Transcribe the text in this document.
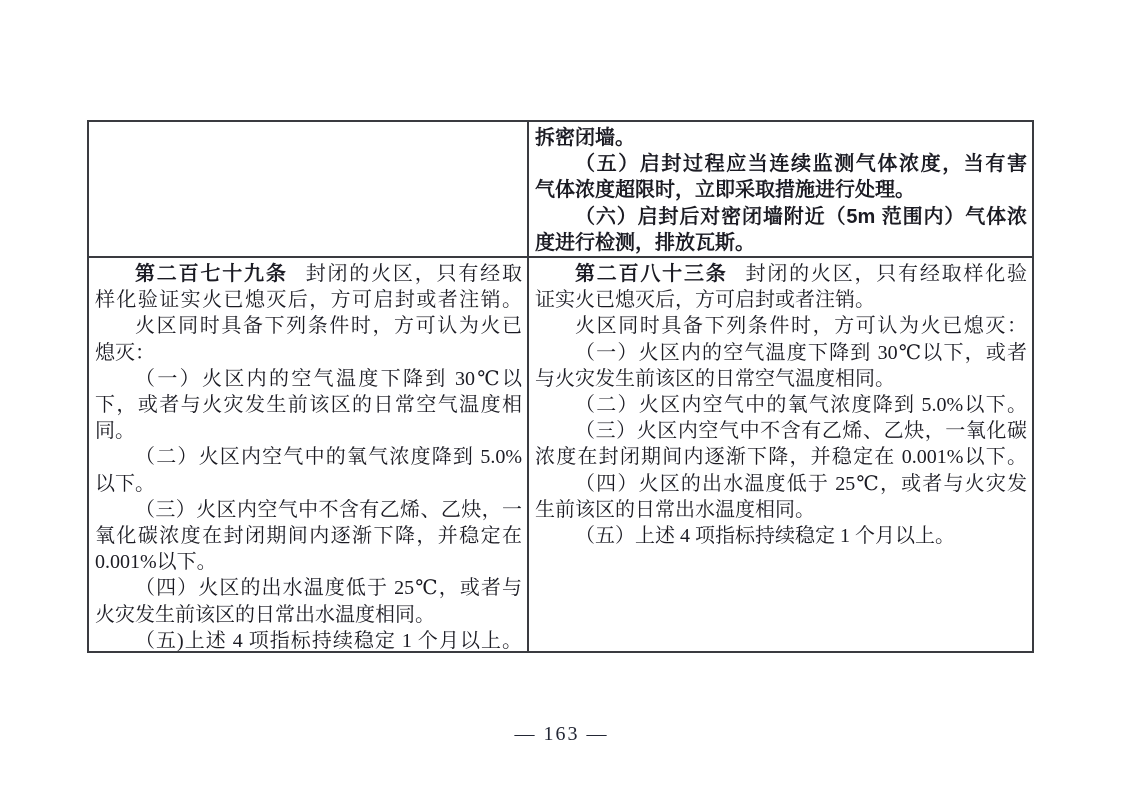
拆密闭墙。
（五）启封过程应当连续监测气体浓度，当有害
气体浓度超限时，立即采取措施进行处理。
（六）启封后对密闭墙附近（5m 范围内）气体浓
度进行检测，排放瓦斯。
第二百七十九条 封闭的火区，只有经取
样化验证实火已熄灭后，方可启封或者注销。
火区同时具备下列条件时，方可认为火已
熄灭：
（一）火区内的空气温度下降到 30℃以
下，或者与火灾发生前该区的日常空气温度相
同。
（二）火区内空气中的氧气浓度降到 5.0%
以下。
（三）火区内空气中不含有乙烯、乙炔，一
氧化碳浓度在封闭期间内逐渐下降，并稳定在
0.001%以下。
（四）火区的出水温度低于 25℃，或者与
火灾发生前该区的日常出水温度相同。
（五)上述 4 项指标持续稳定 1 个月以上。
第二百八十三条 封闭的火区，只有经取样化验
证实火已熄灭后，方可启封或者注销。
火区同时具备下列条件时，方可认为火已熄灭：
（一）火区内的空气温度下降到 30℃以下，或者
与火灾发生前该区的日常空气温度相同。
（二）火区内空气中的氧气浓度降到 5.0%以下。
（三）火区内空气中不含有乙烯、乙炔，一氧化碳
浓度在封闭期间内逐渐下降，并稳定在 0.001%以下。
（四）火区的出水温度低于 25℃，或者与火灾发
生前该区的日常出水温度相同。
（五）上述 4 项指标持续稳定 1 个月以上。
— 163 —
